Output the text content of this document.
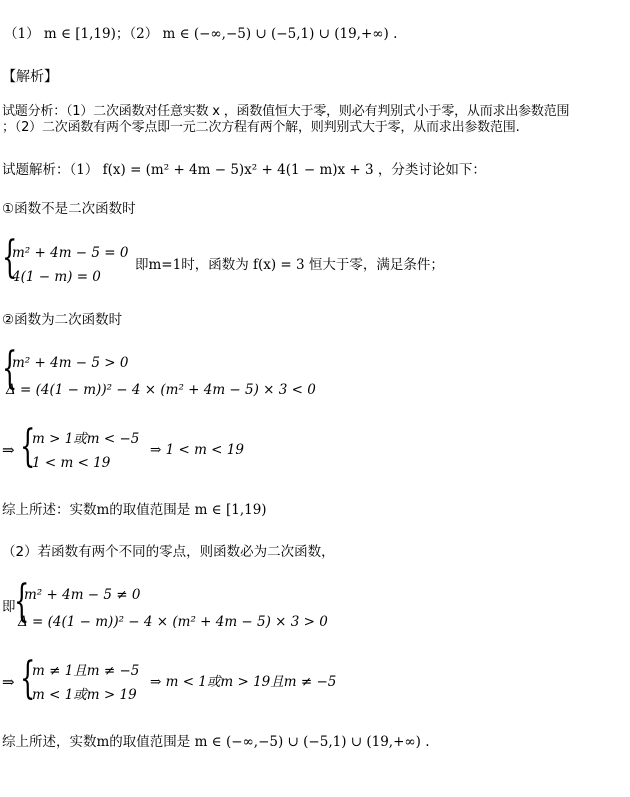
（1） m ∈ [1,19)；（2） m ∈ (−∞,−5) ∪ (−5,1) ∪ (19,+∞) .
【解析】
试题分析：（1）二次函数对任意实数 x ，函数值恒大于零，则必有判别式小于零，从而求出参数范围
；（2）二次函数有两个零点即一元二次方程有两个解，则判别式大于零，从而求出参数范围.
试题解析：（1） f(x) = (m² + 4m − 5)x² + 4(1 − m)x + 3 ，分类讨论如下：
①函数不是二次函数时
{
m² + 4m − 5 = 0
4(1 − m) = 0
即m=1时，函数为 f(x) = 3 恒大于零，满足条件；
②函数为二次函数时
{
m² + 4m − 5 > 0
Δ = (4(1 − m))² − 4 × (m² + 4m − 5) × 3 < 0
⇒ {
m > 1或m < −5
1 < m < 19
⇒ 1 < m < 19
综上所述：实数m的取值范围是 m ∈ [1,19)
（2）若函数有两个不同的零点，则函数必为二次函数，
即
{
m² + 4m − 5 ≠ 0
Δ = (4(1 − m))² − 4 × (m² + 4m − 5) × 3 > 0
⇒ {
m ≠ 1且m ≠ −5
m < 1或m > 19
⇒ m < 1或m > 19且m ≠ −5
综上所述，实数m的取值范围是 m ∈ (−∞,−5) ∪ (−5,1) ∪ (19,+∞) .
